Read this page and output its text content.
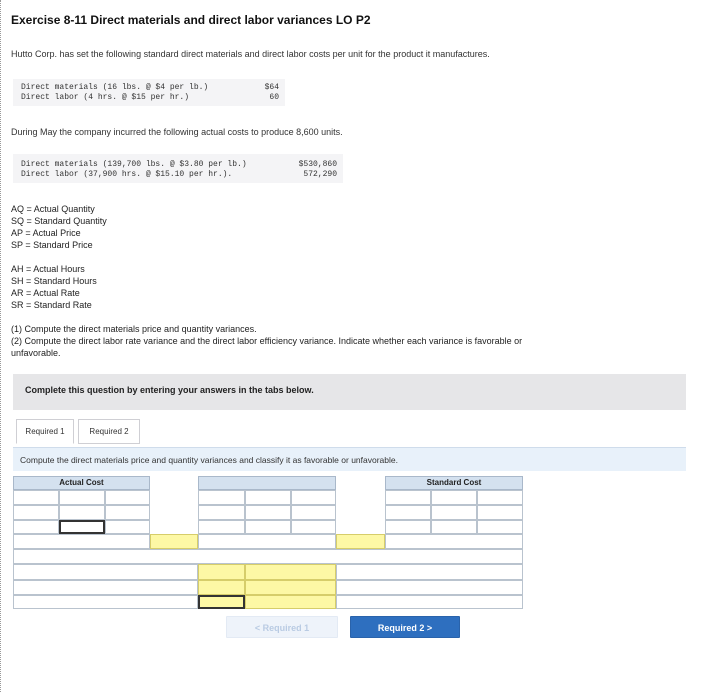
Exercise 8-11 Direct materials and direct labor variances LO P2
Hutto Corp. has set the following standard direct materials and direct labor costs per unit for the product it manufactures.
Direct materials (16 lbs. @ $4 per lb.)	$64
Direct labor (4 hrs. @ $15 per hr.)	60
During May the company incurred the following actual costs to produce 8,600 units.
Direct materials (139,700 lbs. @ $3.80 per lb.)	$530,860
Direct labor (37,900 hrs. @ $15.10 per hr.).	572,290
AQ = Actual Quantity
SQ = Standard Quantity
AP = Actual Price
SP = Standard Price
AH = Actual Hours
SH = Standard Hours
AR = Actual Rate
SR = Standard Rate
(1) Compute the direct materials price and quantity variances.
(2) Compute the direct labor rate variance and the direct labor efficiency variance. Indicate whether each variance is favorable or
unfavorable.
Complete this question by entering your answers in the tabs below.
Required 1	Required 2
Compute the direct materials price and quantity variances and classify it as favorable or unfavorable.
Actual Cost	Standard Cost
< Required 1	Required 2 >
